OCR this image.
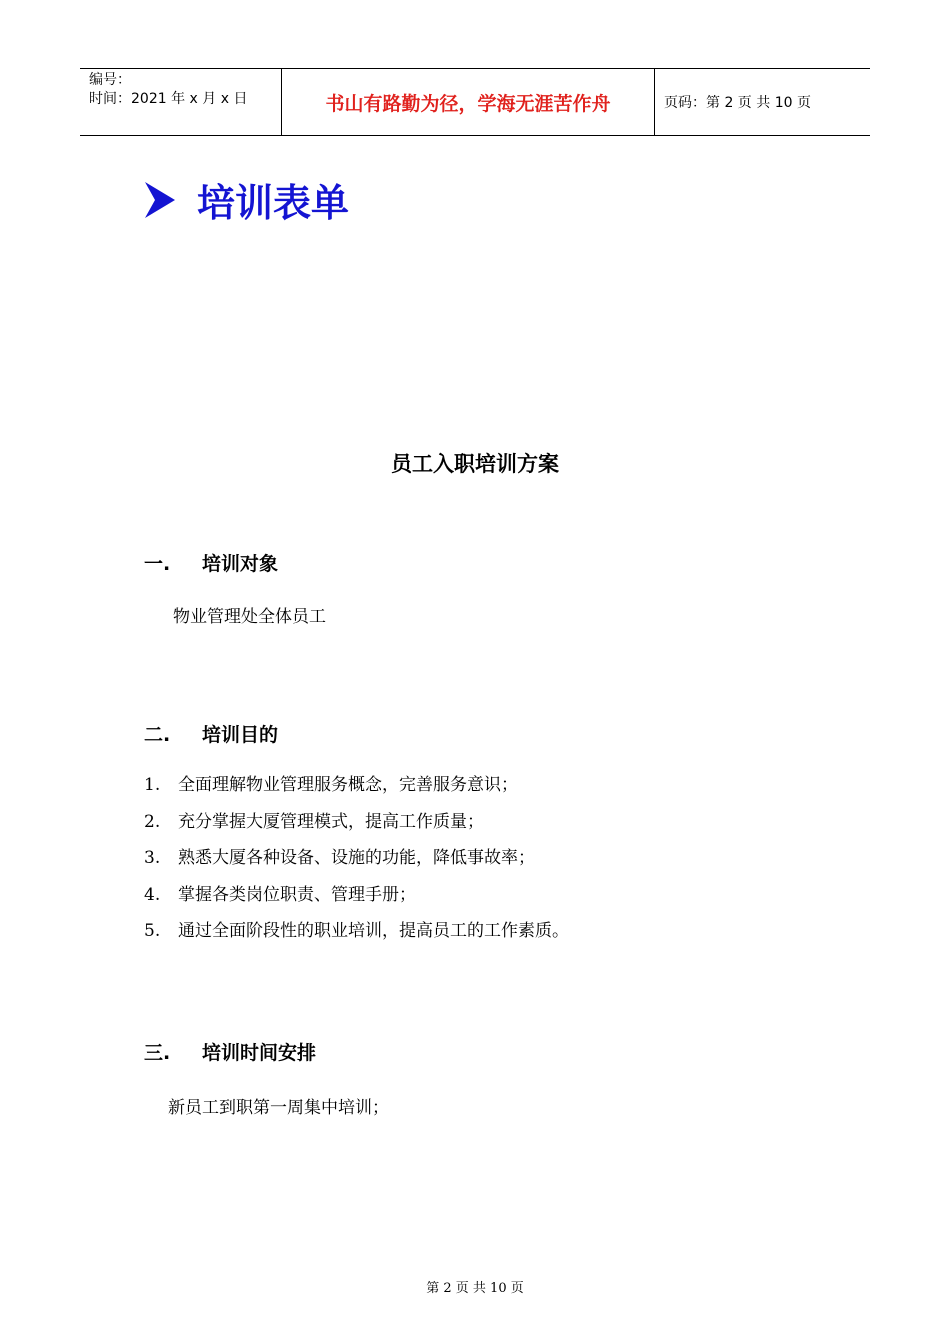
编号：
时间：2021 年 x 月 x 日	书山有路勤为径，学海无涯苦作舟	页码：第 2 页 共 10 页
培训表单
员工入职培训方案
一. 培训对象
物业管理处全体员工
二. 培训目的
1. 全面理解物业管理服务概念，完善服务意识；
2. 充分掌握大厦管理模式，提高工作质量；
3. 熟悉大厦各种设备、设施的功能，降低事故率；
4. 掌握各类岗位职责、管理手册；
5. 通过全面阶段性的职业培训，提高员工的工作素质。
三. 培训时间安排
新员工到职第一周集中培训；
第 2 页 共 10 页
